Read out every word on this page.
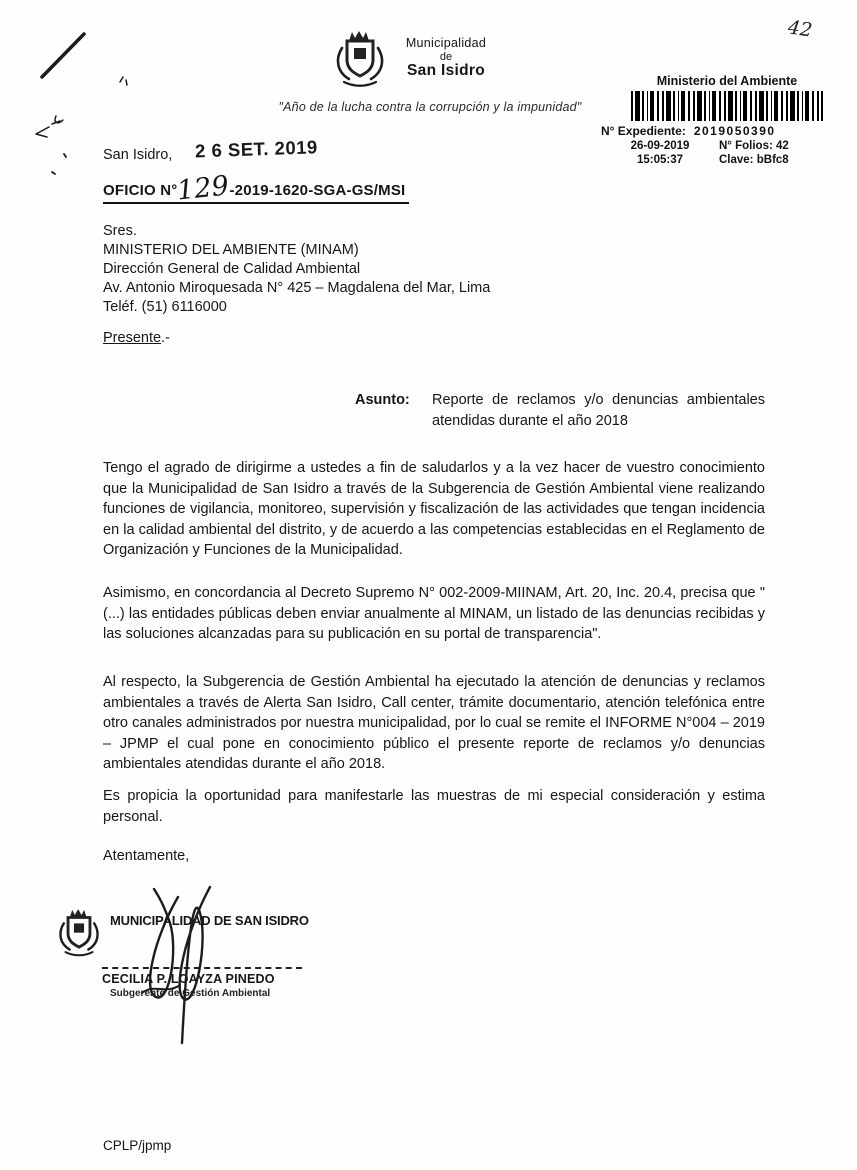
42
Municipalidad
de
San Isidro
"Año de la lucha contra la corrupción y la impunidad"
Ministerio del Ambiente
N° Expediente: 2019050390
26-09-2019	N° Folios: 42
15:05:37	Clave: bBfc8
San Isidro, 2 6 SET. 2019
OFICIO N°129-2019-1620-SGA-GS/MSI
Sres.
MINISTERIO DEL AMBIENTE (MINAM)
Dirección General de Calidad Ambiental
Av. Antonio Miroquesada N° 425 – Magdalena del Mar, Lima
Teléf. (51) 6116000
Presente.-
Asunto: Reporte de reclamos y/o denuncias ambientales atendidas durante el año 2018

Tengo el agrado de dirigirme a ustedes a fin de saludarlos y a la vez hacer de vuestro conocimiento que la Municipalidad de San Isidro a través de la Subgerencia de Gestión Ambiental viene realizando funciones de vigilancia, monitoreo, supervisión y fiscalización de las actividades que tengan incidencia en la calidad ambiental del distrito, y de acuerdo a las competencias establecidas en el Reglamento de Organización y Funciones de la Municipalidad.

Asimismo, en concordancia al Decreto Supremo N° 002-2009-MIINAM, Art. 20, Inc. 20.4, precisa que "(...) las entidades públicas deben enviar anualmente al MINAM, un listado de las denuncias recibidas y las soluciones alcanzadas para su publicación en su portal de transparencia".

Al respecto, la Subgerencia de Gestión Ambiental ha ejecutado la atención de denuncias y reclamos ambientales a través de Alerta San Isidro, Call center, trámite documentario, atención telefónica entre otro canales administrados por nuestra municipalidad, por lo cual se remite el INFORME N°004 – 2019 – JPMP el cual pone en conocimiento público el presente reporte de reclamos y/o denuncias ambientales atendidas durante el año 2018.

Es propicia la oportunidad para manifestarle las muestras de mi especial consideración y estima personal.

Atentamente,
MUNICIPALIDAD DE SAN ISIDRO
CECILIA P. LOAYZA PINEDO
Subgerente de Gestión Ambiental
CPLP/jpmp
